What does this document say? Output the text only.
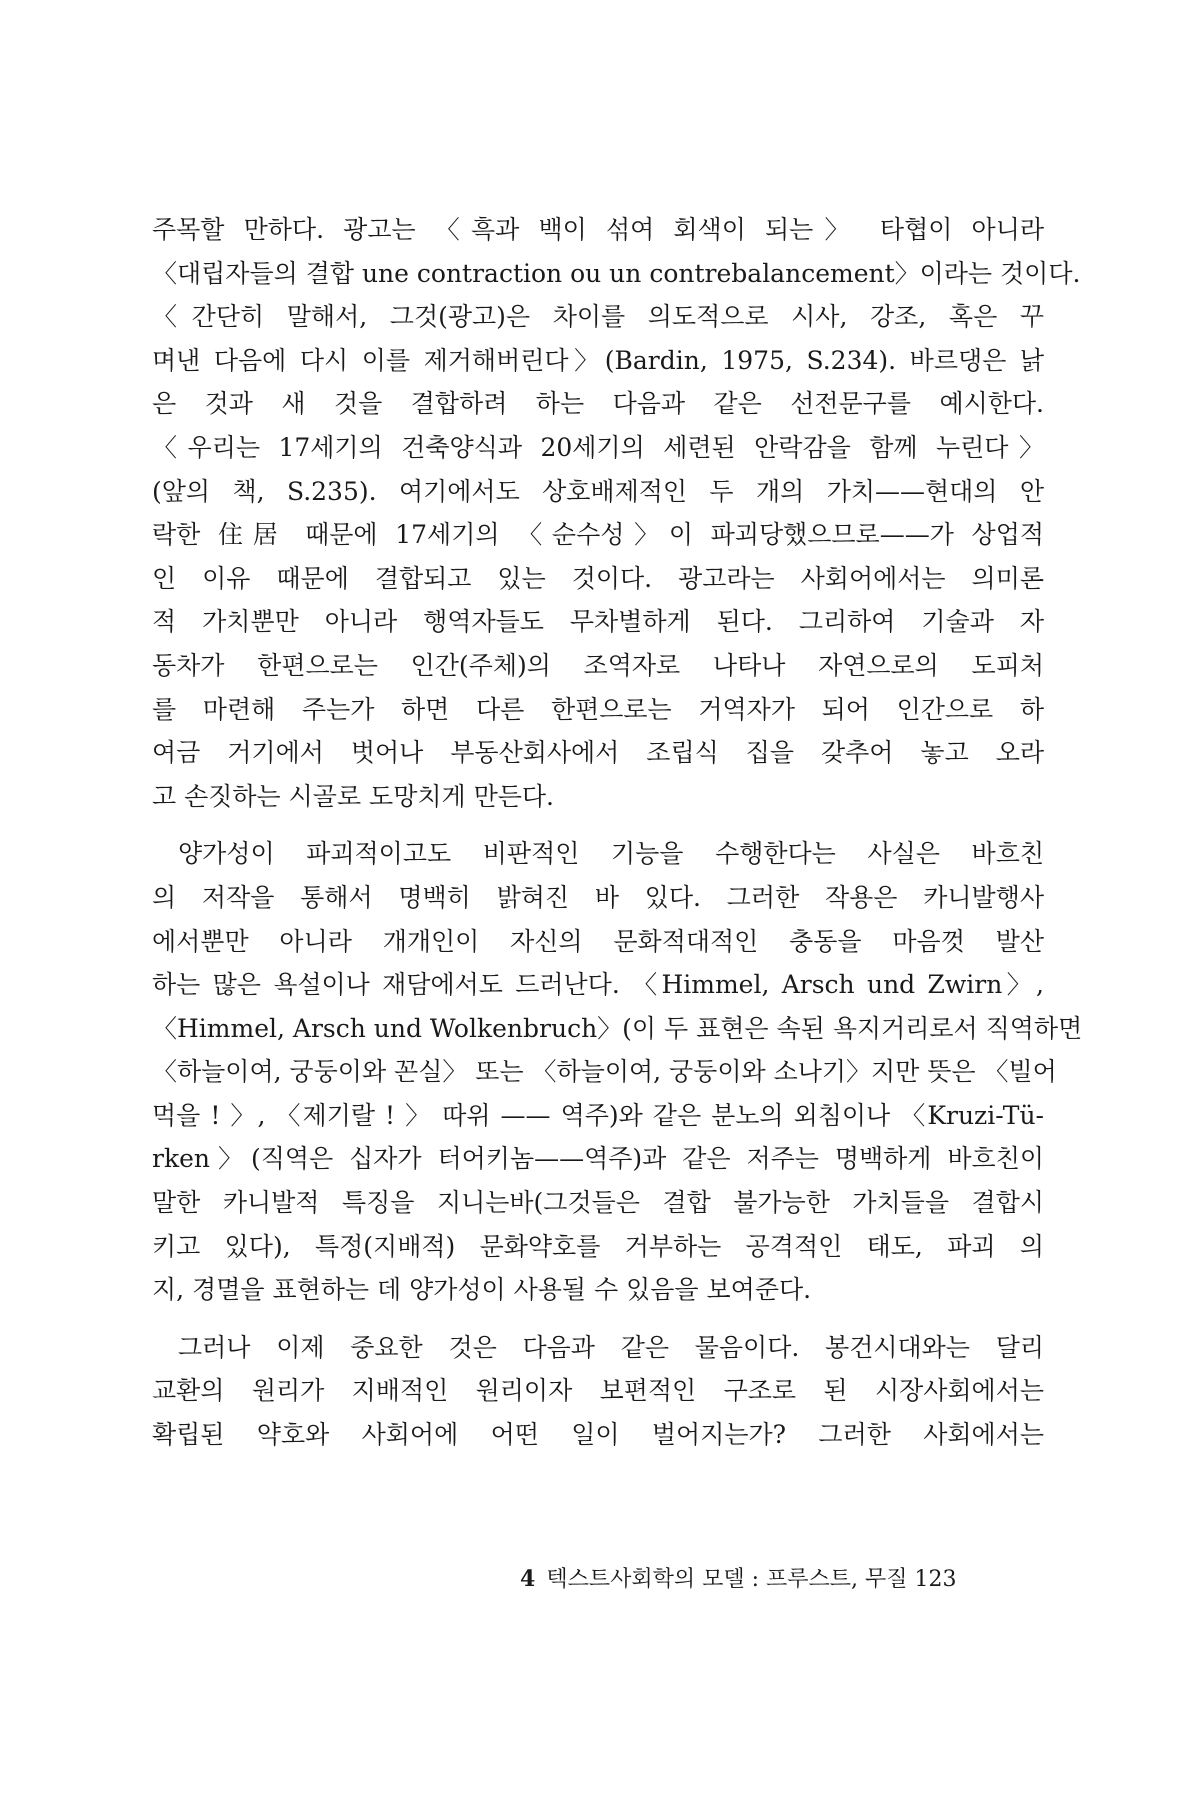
주목할 만하다. 광고는 〈흑과 백이 섞여 회색이 되는〉 타협이 아니라
〈대립자들의 결합 une contraction ou un contrebalancement〉이라는 것이다.
〈간단히 말해서, 그것(광고)은 차이를 의도적으로 시사, 강조, 혹은 꾸
며낸 다음에 다시 이를 제거해버린다〉(Bardin, 1975, S.234). 바르댕은 낡
은 것과 새 것을 결합하려 하는 다음과 같은 선전문구를 예시한다.
〈우리는 17세기의 건축양식과 20세기의 세련된 안락감을 함께 누린다〉
(앞의 책, S.235). 여기에서도 상호배제적인 두 개의 가치——현대의 안
락한 住居 때문에 17세기의 〈순수성〉이 파괴당했으므로——가 상업적
인 이유 때문에 결합되고 있는 것이다. 광고라는 사회어에서는 의미론
적 가치뿐만 아니라 행역자들도 무차별하게 된다. 그리하여 기술과 자
동차가 한편으로는 인간(주체)의 조역자로 나타나 자연으로의 도피처
를 마련해 주는가 하면 다른 한편으로는 거역자가 되어 인간으로 하
여금 거기에서 벗어나 부동산회사에서 조립식 집을 갖추어 놓고 오라
고 손짓하는 시골로 도망치게 만든다.
양가성이 파괴적이고도 비판적인 기능을 수행한다는 사실은 바흐친
의 저작을 통해서 명백히 밝혀진 바 있다. 그러한 작용은 카니발행사
에서뿐만 아니라 개개인이 자신의 문화적대적인 충동을 마음껏 발산
하는 많은 욕설이나 재담에서도 드러난다. 〈Himmel, Arsch und Zwirn〉,
〈Himmel, Arsch und Wolkenbruch〉(이 두 표현은 속된 욕지거리로서 직역하면
〈하늘이여, 궁둥이와 꼰실〉 또는 〈하늘이여, 궁둥이와 소나기〉지만 뜻은 〈빌어
먹을 ! 〉, 〈제기랄 ! 〉 따위 —— 역주)와 같은 분노의 외침이나 〈Kruzi-Tü-
rken〉(직역은 십자가 터어키놈——역주)과 같은 저주는 명백하게 바흐친이
말한 카니발적 특징을 지니는바(그것들은 결합 불가능한 가치들을 결합시
키고 있다), 특정(지배적) 문화약호를 거부하는 공격적인 태도, 파괴 의
지, 경멸을 표현하는 데 양가성이 사용될 수 있음을 보여준다.
그러나 이제 중요한 것은 다음과 같은 물음이다. 봉건시대와는 달리
교환의 원리가 지배적인 원리이자 보편적인 구조로 된 시장사회에서는
확립된 약호와 사회어에 어떤 일이 벌어지는가? 그러한 사회에서는
4 텍스트사회학의 모델 : 프루스트, 무질 123
